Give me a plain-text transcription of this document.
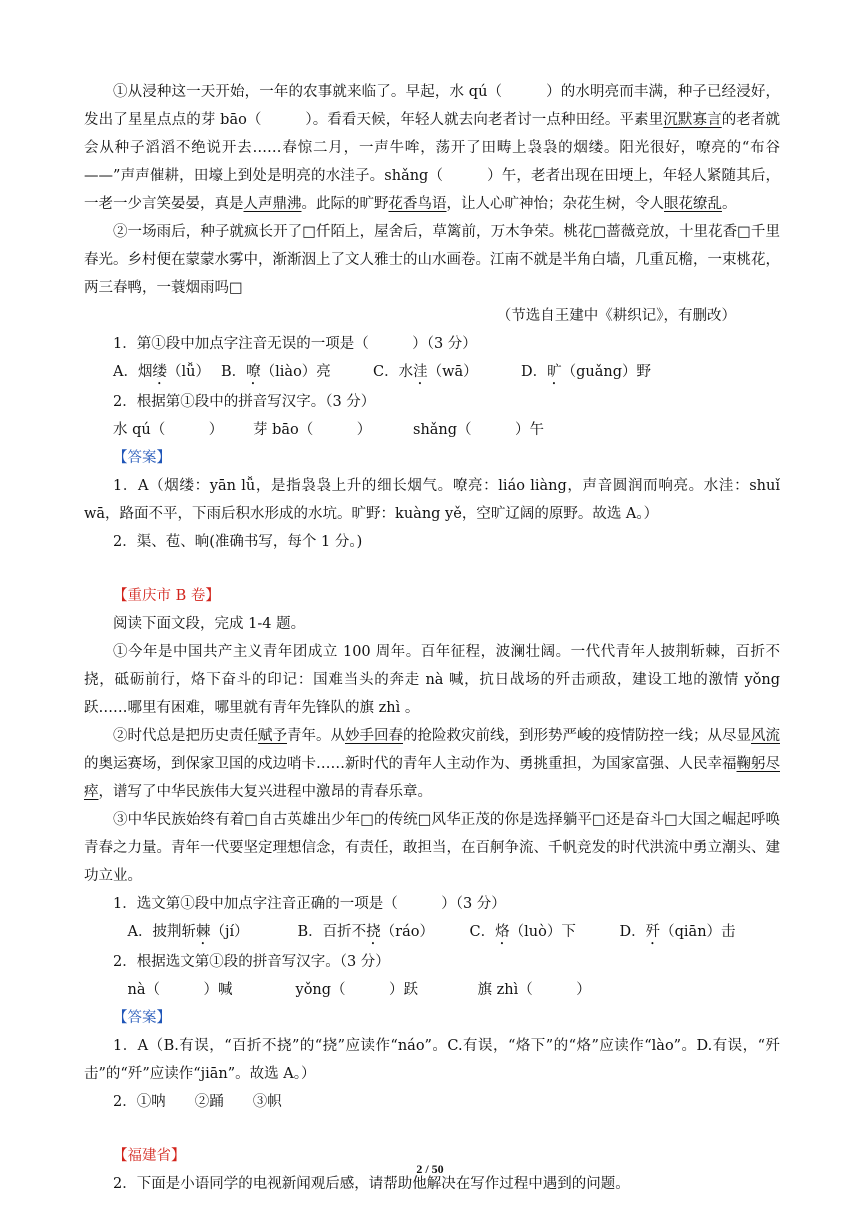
①从浸种这一天开始，一年的农事就来临了。早起，水 qú（　　　）的水明亮而丰满，种子已经浸好，发出了星星点点的芽 bāo（　　　）。看看天候，年轻人就去向老者讨一点种田经。平素里沉默寡言的老者就会从种子滔滔不绝说开去……春惊二月，一声牛哞，荡开了田畴上袅袅的烟缕。阳光很好，嘹亮的“布谷——”声声催耕，田壕上到处是明亮的水洼子。shǎng（　　　）午，老者出现在田埂上，年轻人紧随其后，一老一少言笑晏晏，真是人声鼎沸。此际的旷野花香鸟语，让人心旷神怡；杂花生树，令人眼花缭乱。

②一场雨后，种子就疯长开了□仟陌上，屋舍后，草篱前，万木争荣。桃花□蔷薇竞放，十里花香□千里春光。乡村便在蒙蒙水雾中，渐渐洇上了文人雅士的山水画卷。江南不就是半角白墙，几重瓦檐，一束桃花，两三春鸭，一蓑烟雨吗□

（节选自王建中《耕织记》，有删改）

1．第①段中加点字注音无误的一项是（　　　）（3 分）

A．烟缕（lǚ） B．嘹（liào）亮	C．水洼（wā）	D．旷（guǎng）野

2．根据第①段中的拼音写汉字。（3 分）

水 qú（　　　）	芽 bāo（　　　）	shǎng（　　　）午

【答案】

1．A（烟缕：yān lǚ，是指袅袅上升的细长烟气。嘹亮：liáo liàng，声音圆润而响亮。水洼：shuǐ wā，路面不平，下雨后积水形成的水坑。旷野：kuàng yě，空旷辽阔的原野。故选 A。）

2．渠、苞、晌(准确书写，每个 1 分。)

【重庆市 B 卷】

阅读下面文段，完成 1-4 题。

①今年是中国共产主义青年团成立 100 周年。百年征程，波澜壮阔。一代代青年人披荆斩棘，百折不挠，砥砺前行，烙下奋斗的印记：国难当头的奔走 nà 喊，抗日战场的歼击顽敌，建设工地的激情 yǒng 跃……哪里有困难，哪里就有青年先锋队的旗 zhì 。

②时代总是把历史责任赋予青年。从妙手回春的抢险救灾前线，到形势严峻的疫情防控一线；从尽显风流的奥运赛场，到保家卫国的戍边哨卡……新时代的青年人主动作为、勇挑重担，为国家富强、人民幸福鞠躬尽瘁，谱写了中华民族伟大复兴进程中激昂的青春乐章。

③中华民族始终有着□自古英雄出少年□的传统□风华正茂的你是选择躺平□还是奋斗□大国之崛起呼唤青春之力量。青年一代要坚定理想信念，有责任，敢担当，在百舸争流、千帆竞发的时代洪流中勇立潮头、建功立业。

1．选文第①段中加点字注音正确的一项是（　　　）（3 分）

A．披荆斩棘（jí）	B．百折不挠（ráo）	C．烙（luò）下	D．歼（qiān）击

2．根据选文第①段的拼音写汉字。（3 分）

nà（　　　）喊	yǒng（　　　）跃	旗 zhì（　　　）

【答案】

1．A（B.有误，“百折不挠”的“挠”应读作“náo”。C.有误，“烙下”的“烙”应读作“lào”。D.有误，“歼击”的“歼”应读作“jiān”。故选 A。）

2．①呐　　②踊　　③帜

【福建省】

2．下面是小语同学的电视新闻观后感，请帮助他解决在写作过程中遇到的问题。

2 / 50
